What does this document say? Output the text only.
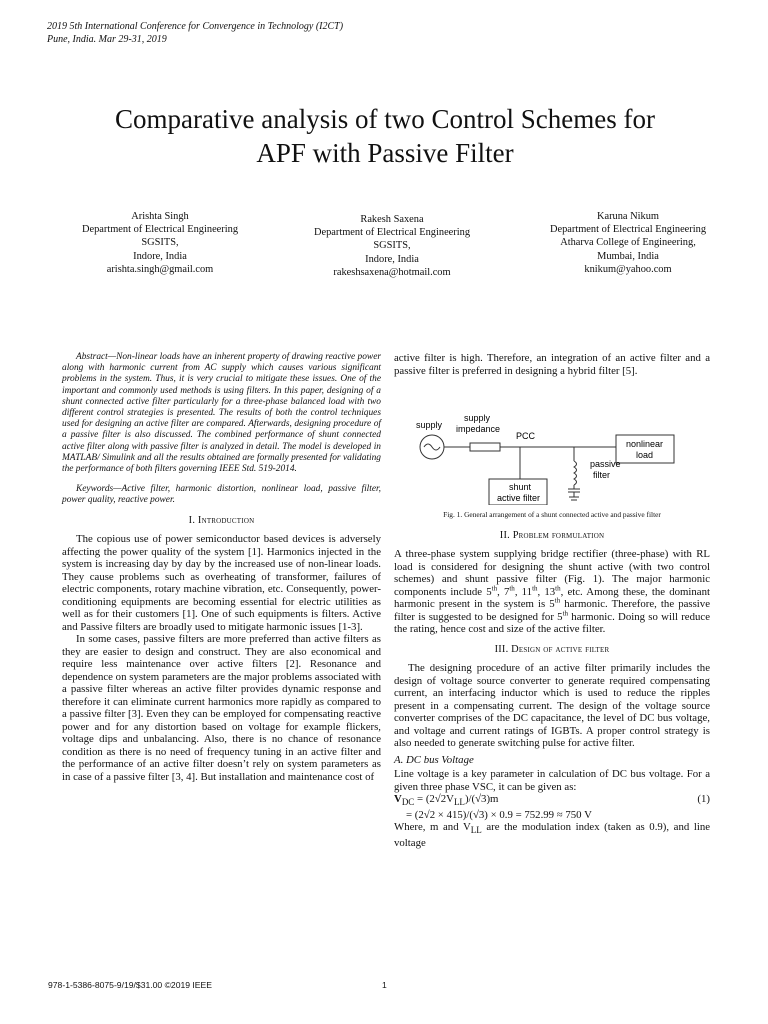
2019 5th International Conference for Convergence in Technology (I2CT)
Pune, India. Mar 29-31, 2019
Comparative analysis of two Control Schemes for
APF with Passive Filter
Arishta Singh
Department of Electrical Engineering
SGSITS,
Indore, India
arishta.singh@gmail.com
Rakesh Saxena
Department of Electrical Engineering
SGSITS,
Indore, India
rakeshsaxena@hotmail.com
Karuna Nikum
Department of Electrical Engineering
Atharva College of Engineering,
Mumbai, India
knikum@yahoo.com

Abstract—Non-linear loads have an inherent property of drawing reactive power along with harmonic current from AC supply which causes various significant problems in the system. Thus, it is very crucial to mitigate these issues. One of the important and commonly used methods is using filters. In this paper, designing of a shunt connected active filter particularly for a three-phase balanced load with two different control strategies is presented. The results of both the control techniques used for designing an active filter are compared. Afterwards, designing procedure of a passive filter is also discussed. The combined performance of shunt connected active filter along with passive filter is analyzed in detail. The model is developed in MATLAB/ Simulink and all the results obtained are formally presented for validating the performance of both filters governing IEEE Std. 519-2014.

Keywords—Active filter, harmonic distortion, nonlinear load, passive filter, power quality, reactive power.

I. Introduction

The copious use of power semiconductor based devices is adversely affecting the power quality of the system [1]. Harmonics injected in the system is increasing day by day by the increased use of non-linear loads. They cause problems such as overheating of transformer, failures of electric components, rotary machine vibration, etc. Consequently, power-conditioning equipments are becoming essential for electric utilities as well as for their customers [1]. One of such equipments is filters. Active and Passive filters are broadly used to mitigate harmonic issues [1-3].

In some cases, passive filters are more preferred than active filters as they are easier to design and construct. They are also economical and require less maintenance over active filters [2]. Resonance and dependence on system parameters are the major problems associated with a passive filter whereas an active filter provides dynamic response and therefore it can eliminate current harmonics more rapidly as compared to a passive filter [3]. Even they can be employed for compensating reactive power and for any distortion based on voltage for example flickers, voltage dips and unbalancing. Also, there is no chance of resonance condition as there is no need of frequency tuning in an active filter and the performance of an active filter doesn’t rely on system parameters as in case of a passive filter [3, 4]. But installation and maintenance cost of

active filter is high. Therefore, an integration of an active filter and a passive filter is preferred in designing a hybrid filter [5].

supply
supply
impedance
PCC
nonlinear
load
shunt
active filter
passive
filter
Fig. 1. General arrangement of a shunt connected active and passive filter
II. Problem formulation

A three-phase system supplying bridge rectifier (three-phase) with RL load is considered for designing the shunt active (with two control schemes) and shunt passive filter (Fig. 1). The major harmonic components include 5th, 7th, 11th, 13th, etc. Among these, the dominant harmonic present in the system is 5th harmonic. Therefore, the passive filter is suggested to be designed for 5th harmonic. Doing so will reduce the rating, hence cost and size of the active filter.

III. Design of active filter

The designing procedure of an active filter primarily includes the design of voltage source converter to generate required compensating current, an interfacing inductor which is used to reduce the ripples present in a compensating current. The design of the voltage source converter comprises of the DC capacitance, the level of DC bus voltage, and voltage and current ratings of IGBTs. A proper control strategy is also needed to generate switching pulse for active filter.

A. DC bus Voltage

Line voltage is a key parameter in calculation of DC bus voltage. For a given three phase VSC, it can be given as:

$V_{DC} = (2√2V_{LL})/(√3)m$	(1)
= (2√2 × 415)/(√3) × 0.9 = 752.99 ≈ 750 V

Where, m and $V_{LL}$ are the modulation index (taken as 0.9), and line voltage

978-1-5386-8075-9/19/$31.00 ©2019 IEEE	1
